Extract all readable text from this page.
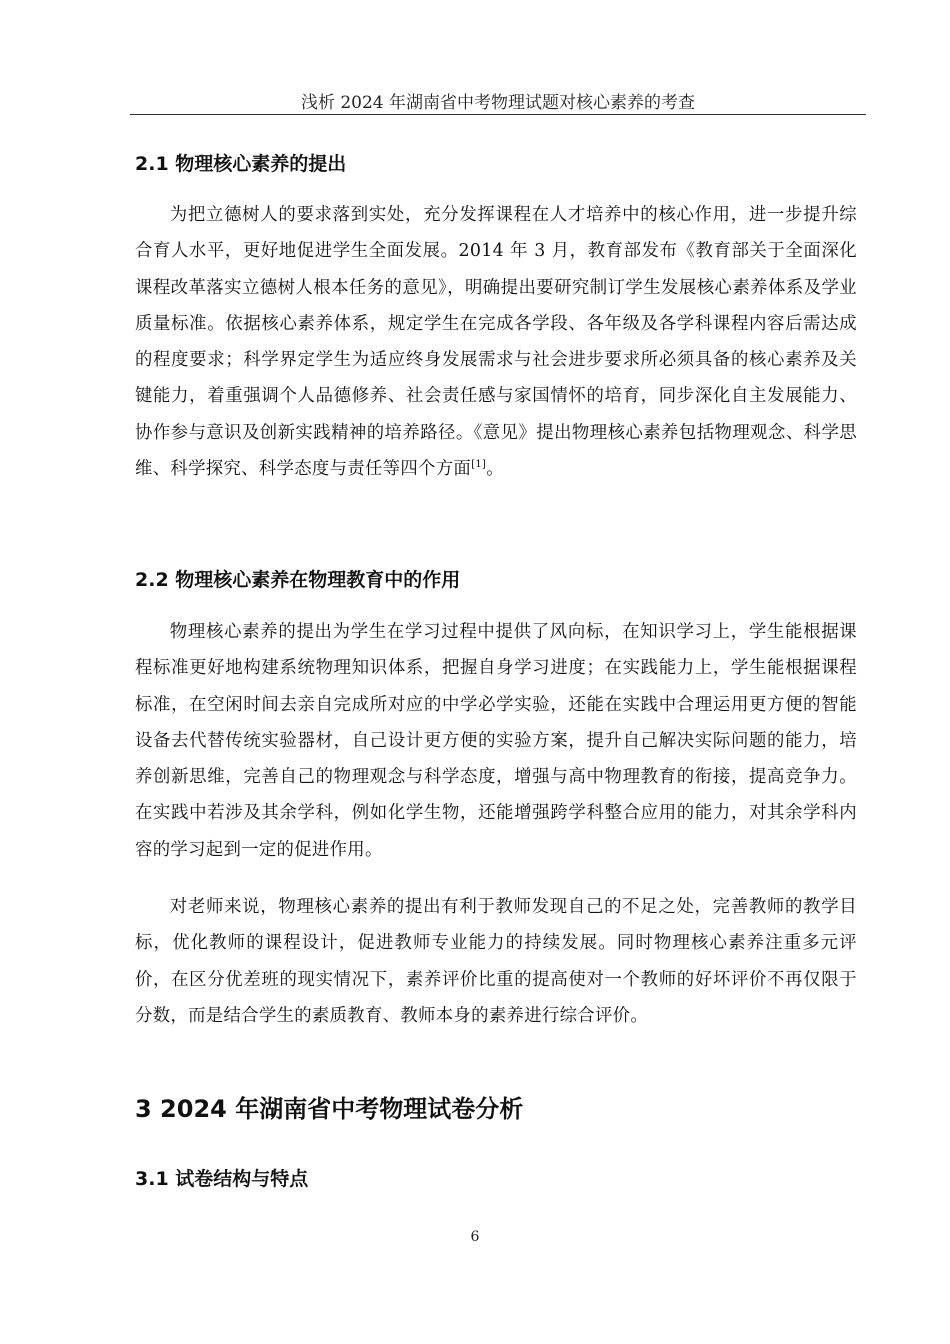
浅析 2024 年湖南省中考物理试题对核心素养的考查
2.1 物理核心素养的提出

为把立德树人的要求落到实处，充分发挥课程在人才培养中的核心作用，进一步提升综合育人水平，更好地促进学生全面发展。2014 年 3 月，教育部发布《教育部关于全面深化课程改革落实立德树人根本任务的意见》，明确提出要研究制订学生发展核心素养体系及学业质量标准。依据核心素养体系，规定学生在完成各学段、各年级及各学科课程内容后需达成的程度要求；科学界定学生为适应终身发展需求与社会进步要求所必须具备的核心素养及关键能力，着重强调个人品德修养、社会责任感与家国情怀的培育，同步深化自主发展能力、协作参与意识及创新实践精神的培养路径。《意见》提出物理核心素养包括物理观念、科学思维、科学探究、科学态度与责任等四个方面[1]。

2.2 物理核心素养在物理教育中的作用

物理核心素养的提出为学生在学习过程中提供了风向标，在知识学习上，学生能根据课程标准更好地构建系统物理知识体系，把握自身学习进度；在实践能力上，学生能根据课程标准，在空闲时间去亲自完成所对应的中学必学实验，还能在实践中合理运用更方便的智能设备去代替传统实验器材，自己设计更方便的实验方案，提升自己解决实际问题的能力，培养创新思维，完善自己的物理观念与科学态度，增强与高中物理教育的衔接，提高竞争力。在实践中若涉及其余学科，例如化学生物，还能增强跨学科整合应用的能力，对其余学科内容的学习起到一定的促进作用。

对老师来说，物理核心素养的提出有利于教师发现自己的不足之处，完善教师的教学目标，优化教师的课程设计，促进教师专业能力的持续发展。同时物理核心素养注重多元评价，在区分优差班的现实情况下，素养评价比重的提高使对一个教师的好坏评价不再仅限于分数，而是结合学生的素质教育、教师本身的素养进行综合评价。

3 2024 年湖南省中考物理试卷分析
3.1 试卷结构与特点
6
